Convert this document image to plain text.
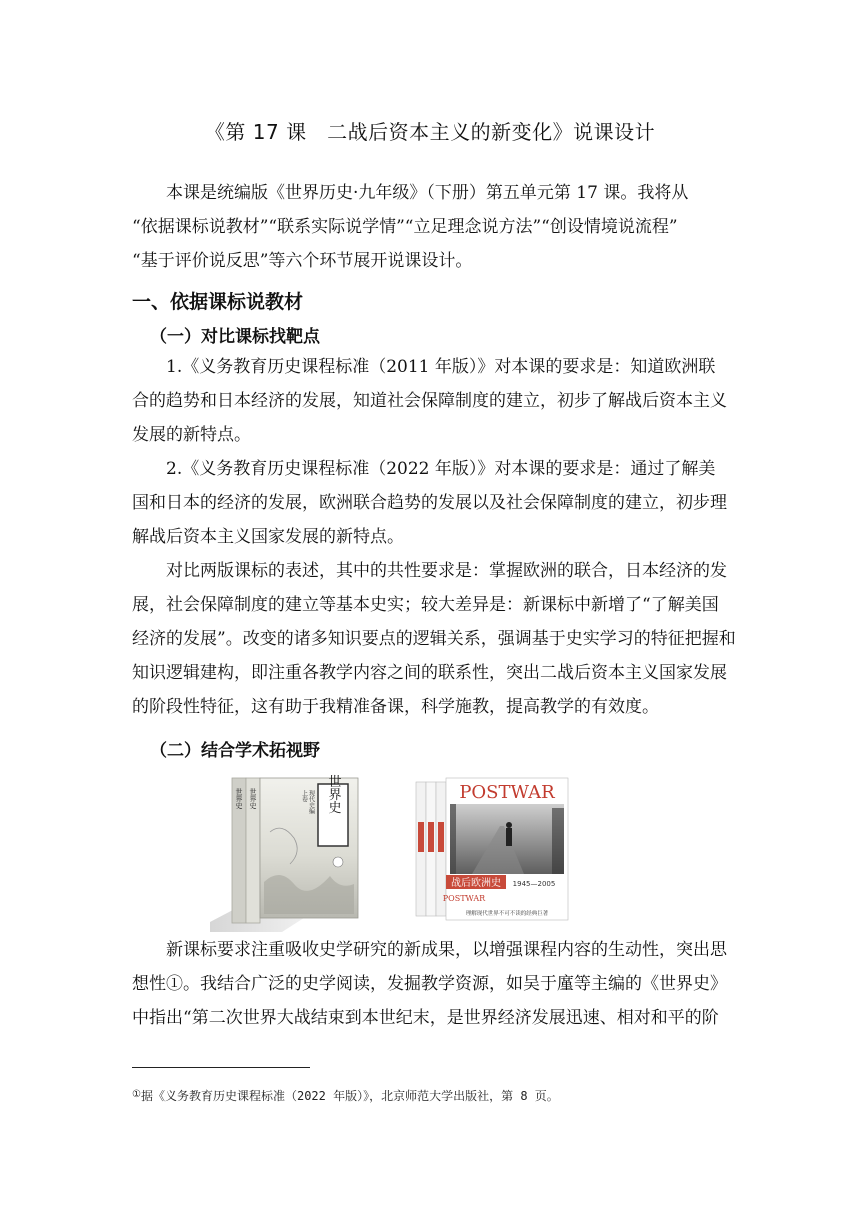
《第 17 课　二战后资本主义的新变化》说课设计

本课是统编版《世界历史·九年级》（下册）第五单元第 17 课。我将从
“依据课标说教材”“联系实际说学情”“立足理念说方法”“创设情境说流程”
“基于评价说反思”等六个环节展开说课设计。

一、依据课标说教材
（一）对比课标找靶点

1.《义务教育历史课程标准（2011 年版）》对本课的要求是：知道欧洲联
合的趋势和日本经济的发展，知道社会保障制度的建立，初步了解战后资本主义
发展的新特点。

2.《义务教育历史课程标准（2022 年版）》对本课的要求是：通过了解美
国和日本的经济的发展，欧洲联合趋势的发展以及社会保障制度的建立，初步理
解战后资本主义国家发展的新特点。

对比两版课标的表述，其中的共性要求是：掌握欧洲的联合，日本经济的发
展，社会保障制度的建立等基本史实；较大差异是：新课标中新增了“了解美国
经济的发展”。改变的诸多知识要点的逻辑关系，强调基于史实学习的特征把握和
知识逻辑建构，即注重各教学内容之间的联系性，突出二战后资本主义国家发展
的阶段性特征，这有助于我精准备课，科学施教，提高教学的有效度。

（二）结合学术拓视野
世界史
现代史编
上卷
世界史 世界史	POSTWAR
战后欧洲史 1945—2005
POSTWAR
理解现代世界不可不读的经典巨著

新课标要求注重吸收史学研究的新成果，以增强课程内容的生动性，突出思
想性①。我结合广泛的史学阅读，发掘教学资源，如吴于廑等主编的《世界史》
中指出“第二次世界大战结束到本世纪末，是世界经济发展迅速、相对和平的阶

①据《义务教育历史课程标准（2022 年版）》，北京师范大学出版社，第 8 页。
